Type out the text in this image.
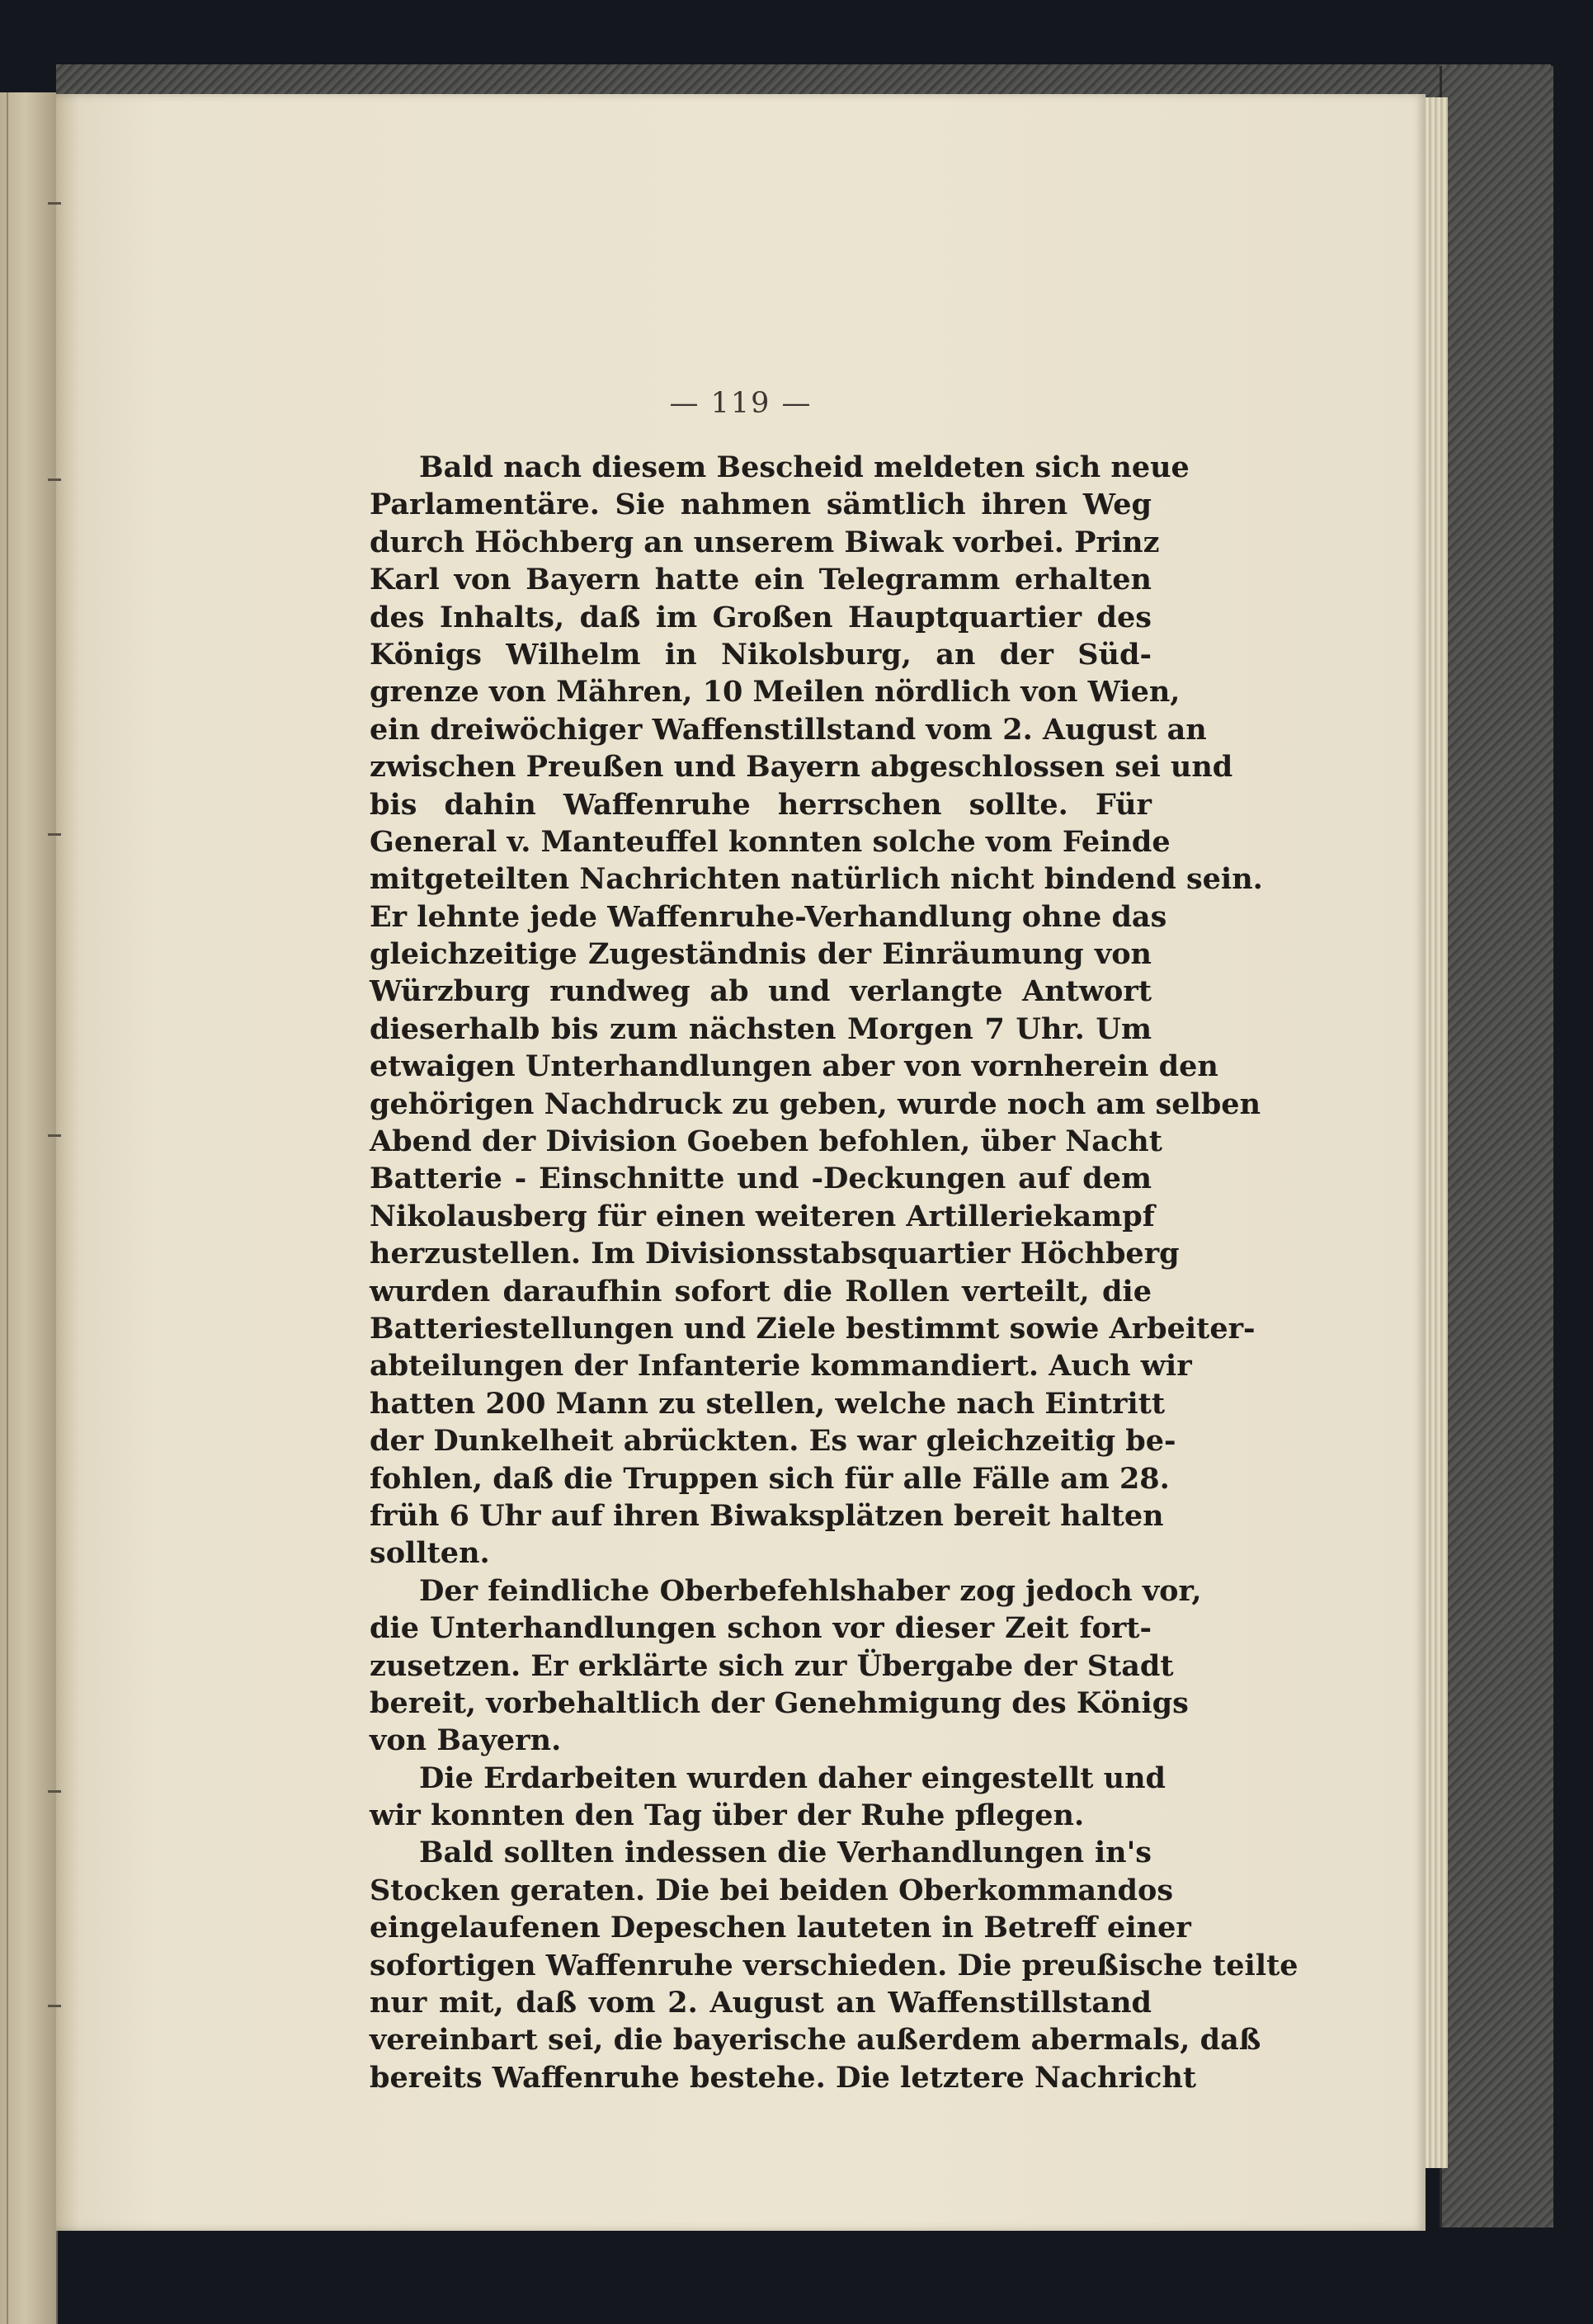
— 119 —
Bald nach diesem Bescheid meldeten sich neue
Parlamentäre. Sie nahmen sämtlich ihren Weg
durch Höchberg an unserem Biwak vorbei. Prinz
Karl von Bayern hatte ein Telegramm erhalten
des Inhalts, daß im Großen Hauptquartier des
Königs Wilhelm in Nikolsburg, an der Süd-
grenze von Mähren, 10 Meilen nördlich von Wien,
ein dreiwöchiger Waffenstillstand vom 2. August an
zwischen Preußen und Bayern abgeschlossen sei und
bis dahin Waffenruhe herrschen sollte. Für
General v. Manteuffel konnten solche vom Feinde
mitgeteilten Nachrichten natürlich nicht bindend sein.
Er lehnte jede Waffenruhe-Verhandlung ohne das
gleichzeitige Zugeständnis der Einräumung von
Würzburg rundweg ab und verlangte Antwort
dieserhalb bis zum nächsten Morgen 7 Uhr. Um
etwaigen Unterhandlungen aber von vornherein den
gehörigen Nachdruck zu geben, wurde noch am selben
Abend der Division Goeben befohlen, über Nacht
Batterie - Einschnitte und -Deckungen auf dem
Nikolausberg für einen weiteren Artilleriekampf
herzustellen. Im Divisionsstabsquartier Höchberg
wurden daraufhin sofort die Rollen verteilt, die
Batteriestellungen und Ziele bestimmt sowie Arbeiter-
abteilungen der Infanterie kommandiert. Auch wir
hatten 200 Mann zu stellen, welche nach Eintritt
der Dunkelheit abrückten. Es war gleichzeitig be-
fohlen, daß die Truppen sich für alle Fälle am 28.
früh 6 Uhr auf ihren Biwaksplätzen bereit halten
sollten.
Der feindliche Oberbefehlshaber zog jedoch vor,
die Unterhandlungen schon vor dieser Zeit fort-
zusetzen. Er erklärte sich zur Übergabe der Stadt
bereit, vorbehaltlich der Genehmigung des Königs
von Bayern.
Die Erdarbeiten wurden daher eingestellt und
wir konnten den Tag über der Ruhe pflegen.
Bald sollten indessen die Verhandlungen in's
Stocken geraten. Die bei beiden Oberkommandos
eingelaufenen Depeschen lauteten in Betreff einer
sofortigen Waffenruhe verschieden. Die preußische teilte
nur mit, daß vom 2. August an Waffenstillstand
vereinbart sei, die bayerische außerdem abermals, daß
bereits Waffenruhe bestehe. Die letztere Nachricht
